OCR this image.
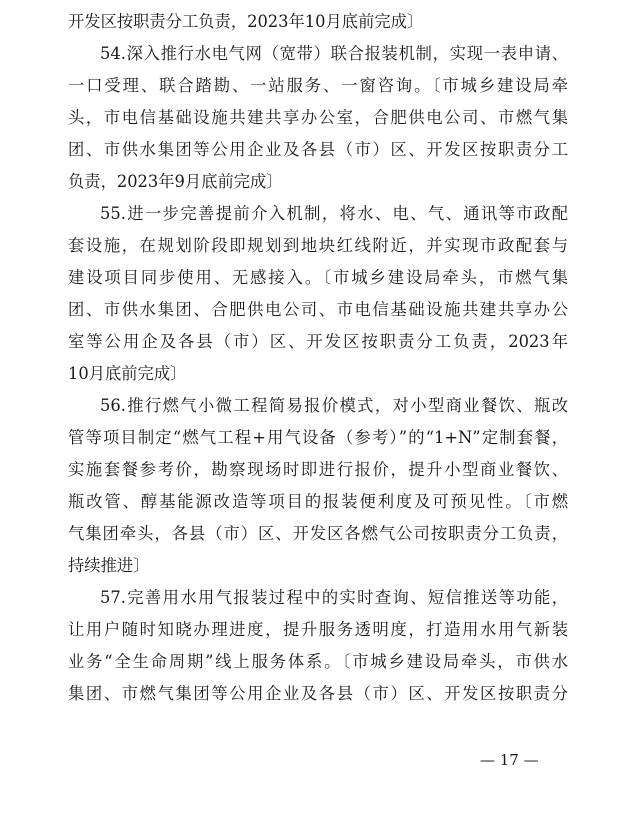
开发区按职责分工负责，2023年10月底前完成〕
54.深入推行水电气网（宽带）联合报装机制，实现一表申请、
一口受理、联合踏勘、一站服务、一窗咨询。〔市城乡建设局牵
头，市电信基础设施共建共享办公室，合肥供电公司、市燃气集
团、市供水集团等公用企业及各县（市）区、开发区按职责分工
负责，2023年9月底前完成〕
55.进一步完善提前介入机制，将水、电、气、通讯等市政配
套设施，在规划阶段即规划到地块红线附近，并实现市政配套与
建设项目同步使用、无感接入。〔市城乡建设局牵头，市燃气集
团、市供水集团、合肥供电公司、市电信基础设施共建共享办公
室等公用企及各县（市）区、开发区按职责分工负责，2023年
10月底前完成〕
56.推行燃气小微工程简易报价模式，对小型商业餐饮、瓶改
管等项目制定“燃气工程+用气设备（参考）”的“1+N”定制套餐，
实施套餐参考价，勘察现场时即进行报价，提升小型商业餐饮、
瓶改管、醇基能源改造等项目的报装便利度及可预见性。〔市燃
气集团牵头，各县（市）区、开发区各燃气公司按职责分工负责，
持续推进〕
57.完善用水用气报装过程中的实时查询、短信推送等功能，
让用户随时知晓办理进度，提升服务透明度，打造用水用气新装
业务“全生命周期”线上服务体系。〔市城乡建设局牵头，市供水
集团、市燃气集团等公用企业及各县（市）区、开发区按职责分
— 17 —
